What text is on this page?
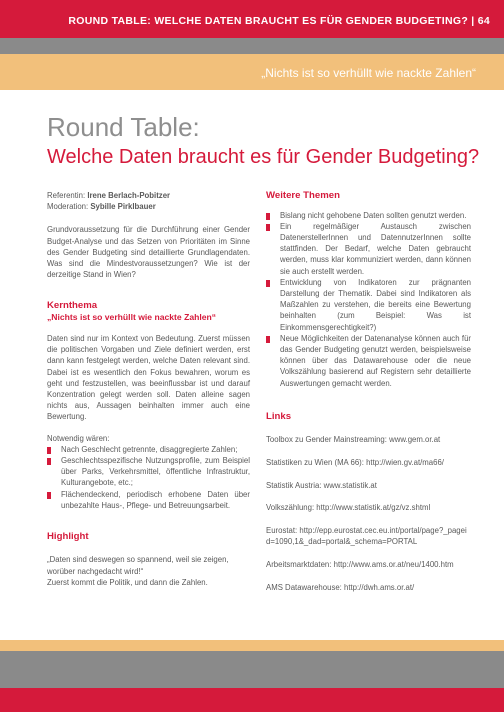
ROUND TABLE: WELCHE DATEN BRAUCHT ES FÜR GENDER BUDGETING? | 64
„Nichts ist so verhüllt wie nackte Zahlen“
Round Table:
Welche Daten braucht es für Gender Budgeting?
Referentin: Irene Berlach-Pobitzer
Moderation: Sybille Pirklbauer

Grundvoraussetzung für die Durchführung einer Gender Budget-Analyse und das Setzen von Prioritäten im Sinne des Gender Budgeting sind detaillierte Grundlagendaten. Was sind die Mindestvoraussetzungen? Wie ist der derzeitige Stand in Wien?

Kernthema
„Nichts ist so verhüllt wie nackte Zahlen“

Daten sind nur im Kontext von Bedeutung. Zuerst müssen die politischen Vorgaben und Ziele definiert werden, erst dann kann festgelegt werden, welche Daten relevant sind. Dabei ist es wesentlich den Fokus bewahren, worum es geht und festzustellen, was beeinflussbar ist und darauf Konzentration gelegt werden soll. Daten alleine sagen nichts aus, Aussagen beinhalten immer auch eine Bewertung.

Notwendig wären:

Nach Geschlecht getrennte, disaggregierte Zahlen;
Geschlechtsspezifische Nutzungsprofile, zum Beispiel über Parks, Verkehrsmittel, öffentliche Infrastruktur, Kulturangebote, etc.;
Flächendeckend, periodisch erhobene Daten über unbezahlte Haus-, Pflege- und Betreuungsarbeit.
Highlight

„Daten sind deswegen so spannend, weil sie zeigen, worüber nachgedacht wird!“

Zuerst kommt die Politik, und dann die Zahlen.

Weitere Themen
Bislang nicht gehobene Daten sollten genutzt werden.
Ein regelmäßiger Austausch zwischen DatenerstellerInnen und DatennutzerInnen sollte stattfinden. Der Bedarf, welche Daten gebraucht werden, muss klar kommuniziert werden, dann können sie auch erstellt werden.
Entwicklung von Indikatoren zur prägnanten Darstellung der Thematik. Dabei sind Indikatoren als Maßzahlen zu verstehen, die bereits eine Bewertung beinhalten (zum Beispiel: Was ist Einkommensgerechtigkeit?)
Neue Möglichkeiten der Datenanalyse können auch für das Gender Budgeting genutzt werden, beispielsweise können über das Datawarehouse oder die neue Volkszählung basierend auf Registern sehr detaillierte Auswertungen gemacht werden.
Links

Toolbox zu Gender Mainstreaming: www.gem.or.at

Statistiken zu Wien (MA 66): http://wien.gv.at/ma66/

Statistik Austria: www.statistik.at

Volkszählung: http://www.statistik.at/gz/vz.shtml

Eurostat: http://epp.eurostat.cec.eu.int/portal/page?_pageid=1090,1&_dad=portal&_schema=PORTAL

Arbeitsmarktdaten: http://www.ams.or.at/neu/1400.htm

AMS Datawarehouse: http://dwh.ams.or.at/
